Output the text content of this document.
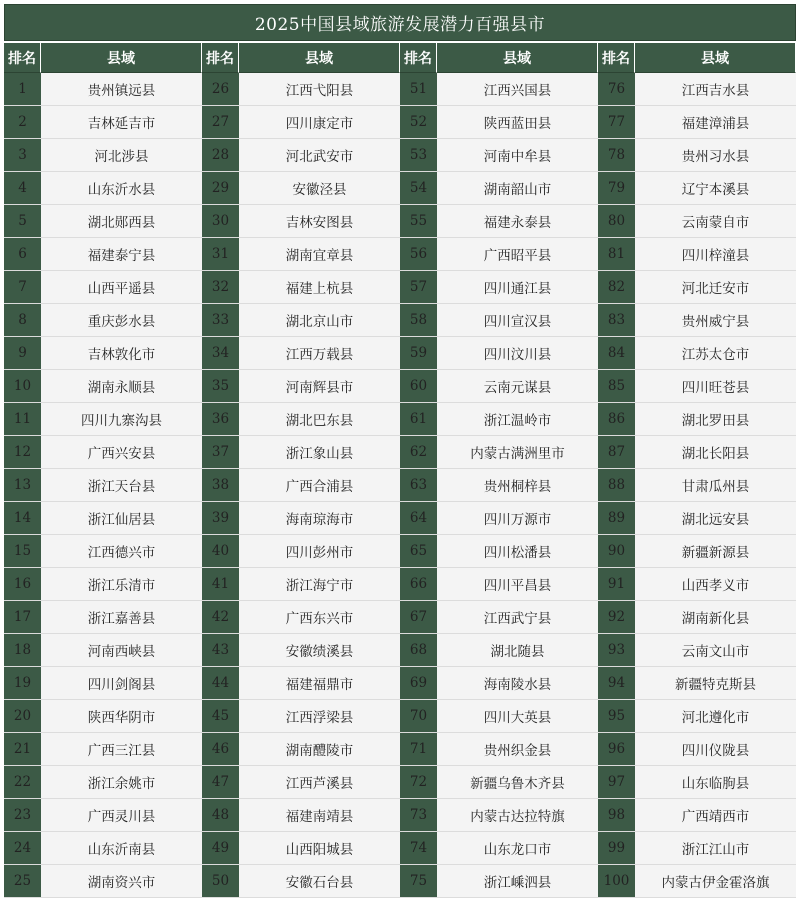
2025中国县域旅游发展潜力百强县市
排名	县域	排名	县域	排名	县域	排名	县域
1	贵州镇远县	26	江西弋阳县	51	江西兴国县	76	江西吉水县
2	吉林延吉市	27	四川康定市	52	陕西蓝田县	77	福建漳浦县
3	河北涉县	28	河北武安市	53	河南中牟县	78	贵州习水县
4	山东沂水县	29	安徽泾县	54	湖南韶山市	79	辽宁本溪县
5	湖北郧西县	30	吉林安图县	55	福建永泰县	80	云南蒙自市
6	福建泰宁县	31	湖南宜章县	56	广西昭平县	81	四川梓潼县
7	山西平遥县	32	福建上杭县	57	四川通江县	82	河北迁安市
8	重庆彭水县	33	湖北京山市	58	四川宣汉县	83	贵州威宁县
9	吉林敦化市	34	江西万载县	59	四川汶川县	84	江苏太仓市
10	湖南永顺县	35	河南辉县市	60	云南元谋县	85	四川旺苍县
11	四川九寨沟县	36	湖北巴东县	61	浙江温岭市	86	湖北罗田县
12	广西兴安县	37	浙江象山县	62	内蒙古满洲里市	87	湖北长阳县
13	浙江天台县	38	广西合浦县	63	贵州桐梓县	88	甘肃瓜州县
14	浙江仙居县	39	海南琼海市	64	四川万源市	89	湖北远安县
15	江西德兴市	40	四川彭州市	65	四川松潘县	90	新疆新源县
16	浙江乐清市	41	浙江海宁市	66	四川平昌县	91	山西孝义市
17	浙江嘉善县	42	广西东兴市	67	江西武宁县	92	湖南新化县
18	河南西峡县	43	安徽绩溪县	68	湖北随县	93	云南文山市
19	四川剑阁县	44	福建福鼎市	69	海南陵水县	94	新疆特克斯县
20	陕西华阴市	45	江西浮梁县	70	四川大英县	95	河北遵化市
21	广西三江县	46	湖南醴陵市	71	贵州织金县	96	四川仪陇县
22	浙江余姚市	47	江西芦溪县	72	新疆乌鲁木齐县	97	山东临朐县
23	广西灵川县	48	福建南靖县	73	内蒙古达拉特旗	98	广西靖西市
24	山东沂南县	49	山西阳城县	74	山东龙口市	99	浙江江山市
25	湖南资兴市	50	安徽石台县	75	浙江嵊泗县	100	内蒙古伊金霍洛旗
